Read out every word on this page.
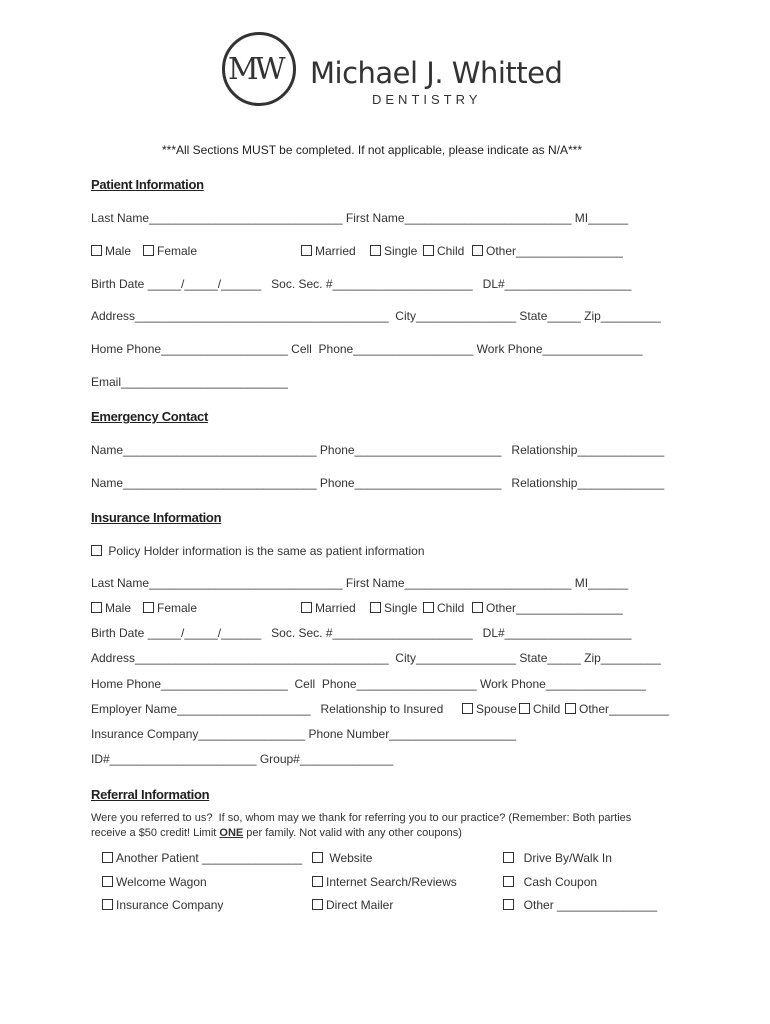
MW Michael J. Whitted
DENTISTRY
***All Sections MUST be completed. If not applicable, please indicate as N/A***
Patient Information
Last Name_____________________________ First Name_________________________ MI______
Male	Female	Married	Single	Child	Other________________
Birth Date _____/_____/______   Soc. Sec. #_____________________   DL#___________________
Address______________________________________  City_______________ State_____ Zip_________
Home Phone___________________ Cell  Phone__________________ Work Phone_______________
Email_________________________
Emergency Contact
Name_____________________________ Phone______________________   Relationship_____________
Name_____________________________ Phone______________________   Relationship_____________
Insurance Information
Policy Holder information is the same as patient information
Last Name_____________________________ First Name_________________________ MI______
Male	Female	Married	Single	Child	Other________________
Birth Date _____/_____/______   Soc. Sec. #_____________________   DL#___________________
Address______________________________________  City_______________ State_____ Zip_________
Home Phone___________________  Cell  Phone__________________ Work Phone_______________
Employer Name____________________   Relationship to Insured	Spouse	Child	Other_________
Insurance Company________________ Phone Number___________________
ID#______________________ Group#______________
Referral Information
Were you referred to us?  If so, whom may we thank for referring you to our practice? (Remember: Both parties
receive a $50 credit! Limit ONE per family. Not valid with any other coupons)
Another Patient _______________	Website	Drive By/Walk In
Welcome Wagon	Internet Search/Reviews	Cash Coupon
Insurance Company	Direct Mailer	Other _______________
